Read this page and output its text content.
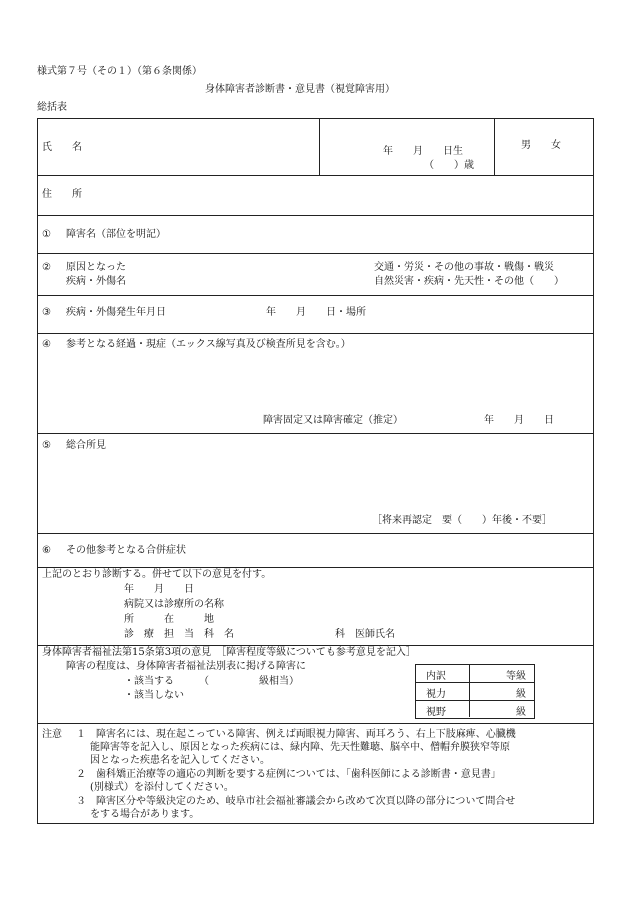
様式第７号（その１）（第６条関係）
身体障害者診断書・意見書（視覚障害用）
総括表
氏　　名	年　　月　　日生
（　　）歳
男　　女
住　　所
① 障害名（部位を明記）
② 原因となった
疾病・外傷名
交通・労災・その他の事故・戦傷・戦災
自然災害・疾病・先天性・その他（　　）
③ 疾病・外傷発生年月日	年　　月　　日・場所
④ 参考となる経過・現症（エックス線写真及び検査所見を含む。）
障害固定又は障害確定（推定）	年　　月　　日
⑤ 総合所見
［将来再認定　要（　　）年後・不要］
⑥ その他参考となる合併症状
上記のとおり診断する。併せて以下の意見を付す。
年　　月　　日
病院又は診療所の名称
所　　　在　　　地
診　療　担　当　科　名	科　医師氏名
身体障害者福祉法第15条第3項の意見　［障害程度等級についても参考意見を記入］
障害の程度は、身体障害者福祉法別表に掲げる障害に
・該当する　　　（　　　　　級相当）
・該当しない
内訳	等級
視力	級
視野	級
注意 １　障害名には、現在起こっている障害、例えば両眼視力障害、両耳ろう、右上下肢麻痺、心臓機
能障害等を記入し、原因となった疾病には、緑内障、先天性難聴、脳卒中、僧帽弁膜狭窄等原
因となった疾患名を記入してください。
２　歯科矯正治療等の適応の判断を要する症例については、「歯科医師による診断書・意見書」
(別様式）を添付してください。
３　障害区分や等級決定のため、岐阜市社会福祉審議会から改めて次頁以降の部分について問合せ
をする場合があります。
